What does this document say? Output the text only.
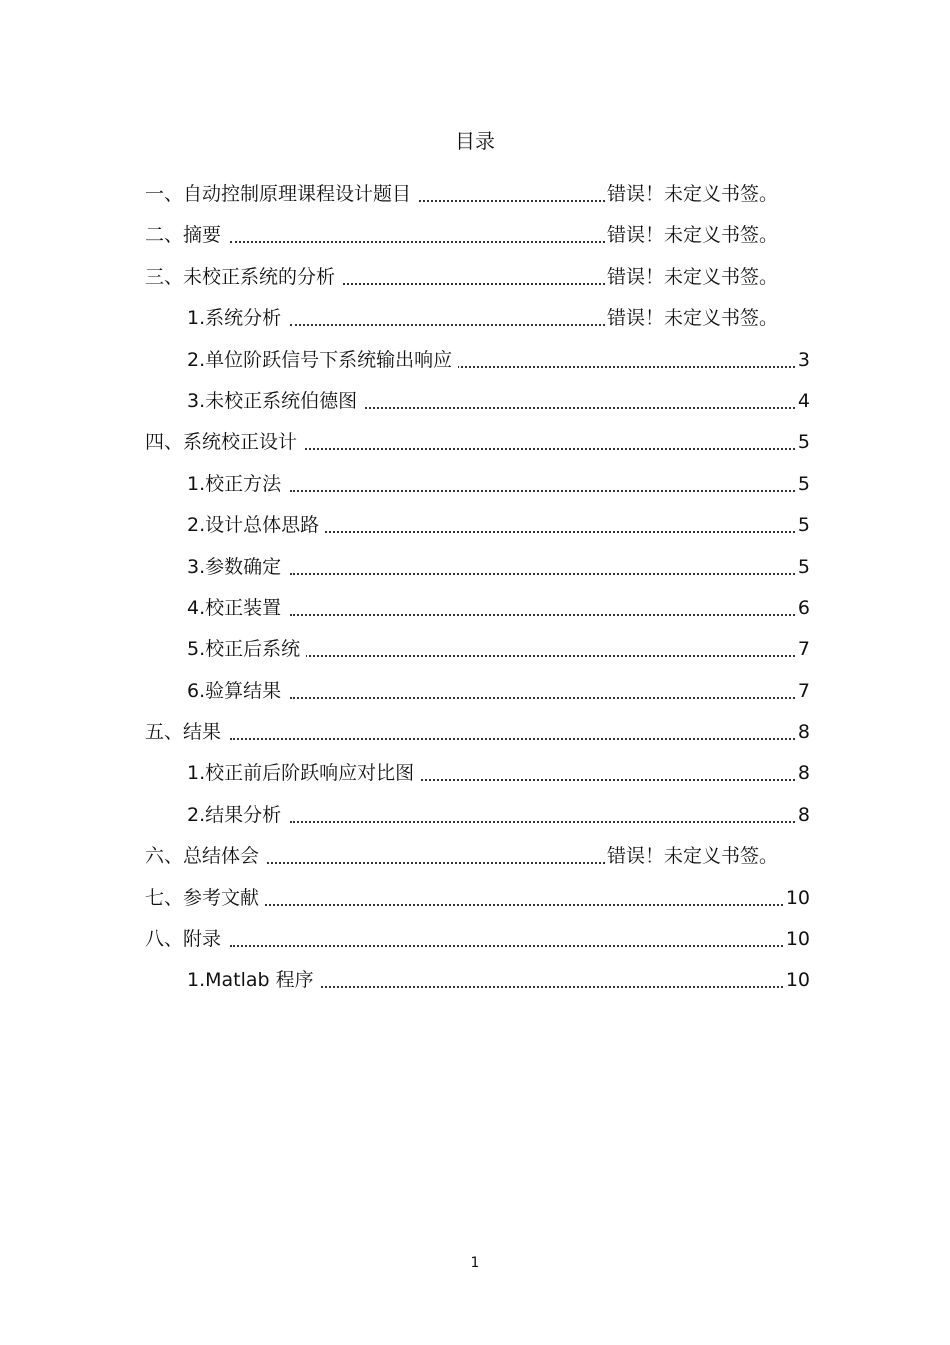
目录
一、自动控制原理课程设计题目	错误！未定义书签。
二、摘要	错误！未定义书签。
三、未校正系统的分析	错误！未定义书签。
1.系统分析	错误！未定义书签。
2.单位阶跃信号下系统输出响应	3
3.未校正系统伯德图	4
四、系统校正设计	5
1.校正方法	5
2.设计总体思路	5
3.参数确定	5
4.校正装置	6
5.校正后系统	7
6.验算结果	7
五、结果	8
1.校正前后阶跃响应对比图	8
2.结果分析	8
六、总结体会	错误！未定义书签。
七、参考文献	10
八、附录	10
1.Matlab 程序	10
1
